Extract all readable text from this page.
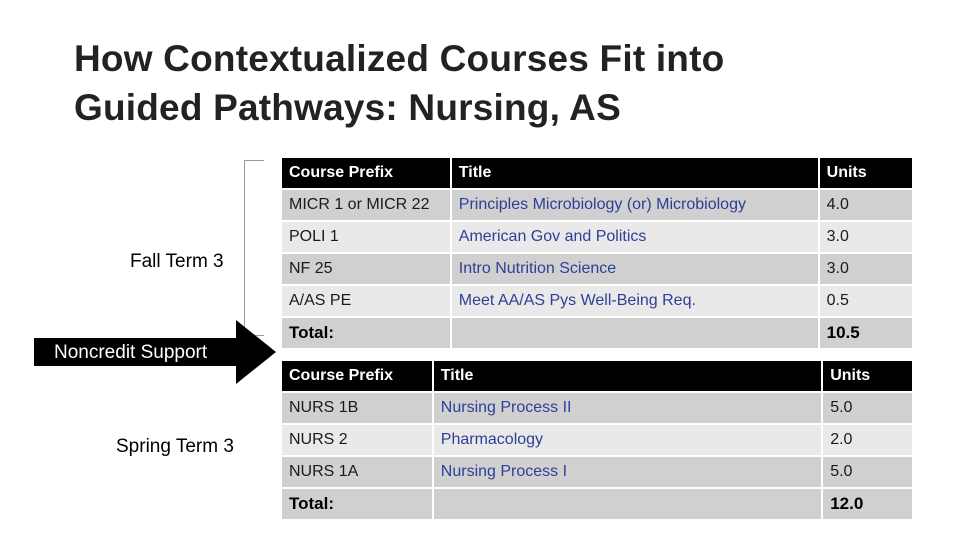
How Contextualized Courses Fit into
Guided Pathways: Nursing, AS
Fall Term 3
Noncredit Support
Spring Term 3
Course Prefix	Title	Units
MICR 1 or MICR 22	Principles Microbiology (or) Microbiology	4.0
POLI 1	American Gov and Politics	3.0
NF 25	Intro Nutrition Science	3.0
A/AS PE	Meet AA/AS Pys Well-Being Req.	0.5
Total:		10.5
Course Prefix	Title	Units
NURS 1B	Nursing Process II	5.0
NURS 2	Pharmacology	2.0
NURS 1A	Nursing Process I	5.0
Total:		12.0
